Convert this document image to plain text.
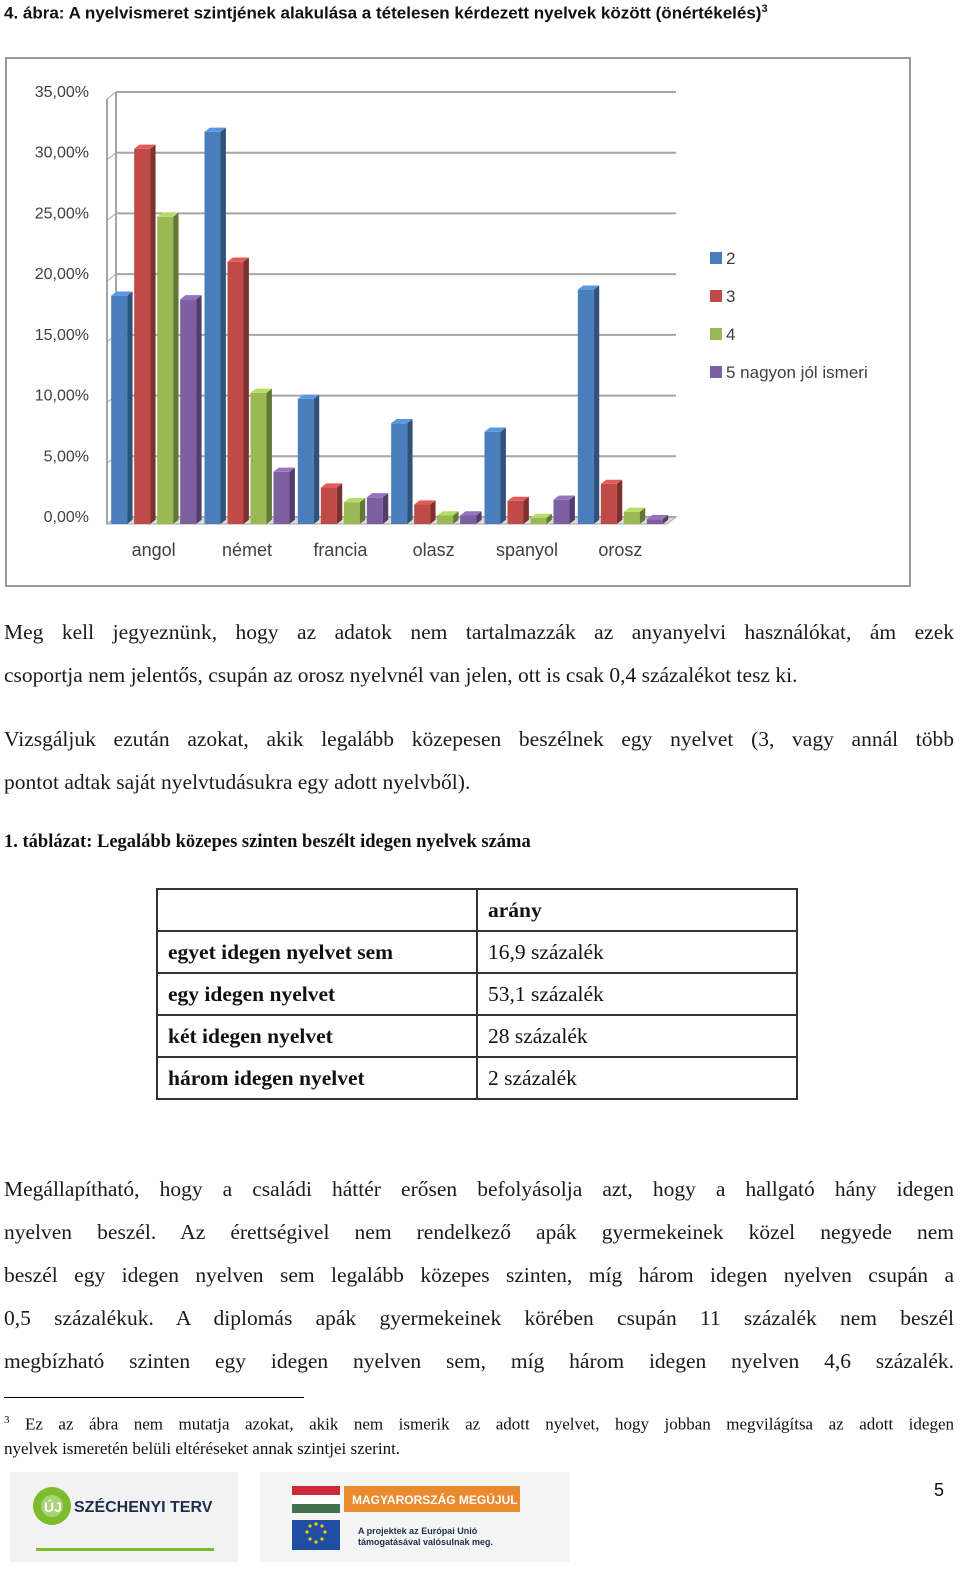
4. ábra: A nyelvismeret szintjének alakulása a tételesen kérdezett nyelvek között (önértékelés)$^3$
0,00%
5,00%
10,00%
15,00%
20,00%
25,00%
30,00%
35,00%
angol	német francia	olasz spanyol orosz
2
3
4
5 nagyon jól ismeri
Meg kell jegyeznünk, hogy az adatok nem tartalmazzák az anyanyelvi használókat, ám ezek
csoportja nem jelentős, csupán az orosz nyelvnél van jelen, ott is csak 0,4 százalékot tesz ki.
Vizsgáljuk ezután azokat, akik legalább közepesen beszélnek egy nyelvet (3, vagy annál több
pontot adtak saját nyelvtudásukra egy adott nyelvből).
1. táblázat: Legalább közepes szinten beszélt idegen nyelvek száma
	arány
egyet idegen nyelvet sem	16,9 százalék
egy idegen nyelvet	53,1 százalék
két idegen nyelvet	28 százalék
három idegen nyelvet	2 százalék
Megállapítható, hogy a családi háttér erősen befolyásolja azt, hogy a hallgató hány idegen
nyelven beszél. Az érettségivel nem rendelkező apák gyermekeinek közel negyede nem
beszél egy idegen nyelven sem legalább közepes szinten, míg három idegen nyelven csupán a
0,5 százalékuk. A diplomás apák gyermekeinek körében csupán 11 százalék nem beszél
megbízható szinten egy idegen nyelven sem, míg három idegen nyelven 4,6 százalék.
$^3$ Ez az ábra nem mutatja azokat, akik nem ismerik az adott nyelvet, hogy jobban megvilágítsa az adott idegen
nyelvek ismeretén belüli eltéréseket annak szintjei szerint.
5
ÚJ SZÉCHENYI TERV	MAGYARORSZÁG MEGÚJUL
A projektek az Európai Unió
támogatásával valósulnak meg.
